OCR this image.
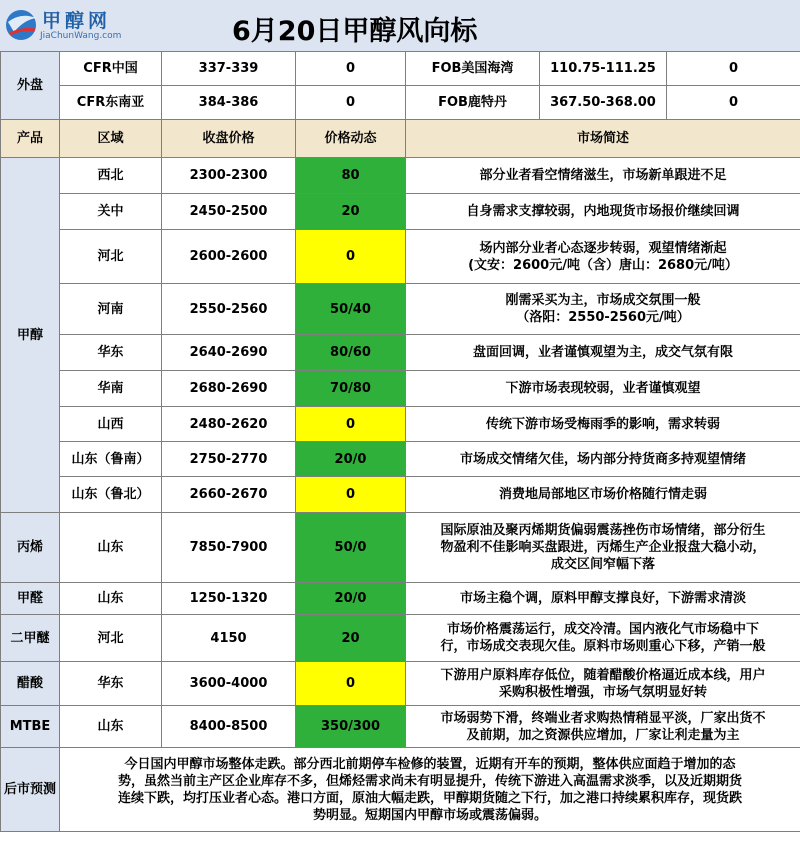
甲醇网
JiaChunWang.com	6月20日甲醇风向标
外盘	CFR中国	337-339	0	FOB美国海湾	110.75-111.25	0
	CFR东南亚	384-386	0	FOB鹿特丹	367.50-368.00	0
产品	区域	收盘价格	价格动态	市场简述		
甲醇	西北	2300-2300	80	部分业者看空情绪滋生，市场新单跟进不足		
	关中	2450-2500	20	自身需求支撑较弱，内地现货市场报价继续回调		
	河北	2600-2600	0	场内部分业者心态逐步转弱，观望情绪渐起
(文安：2600元/吨（含）唐山：2680元/吨）		
	河南	2550-2560	50/40	刚需采买为主，市场成交氛围一般
（洛阳：2550-2560元/吨）		
	华东	2640-2690	80/60	盘面回调，业者谨慎观望为主，成交气氛有限		
	华南	2680-2690	70/80	下游市场表现较弱，业者谨慎观望		
	山西	2480-2620	0	传统下游市场受梅雨季的影响，需求转弱		
	山东（鲁南）	2750-2770	20/0	市场成交情绪欠佳，场内部分持货商多持观望情绪		
	山东（鲁北）	2660-2670	0	消费地局部地区市场价格随行情走弱		
丙烯	山东	7850-7900	50/0	国际原油及聚丙烯期货偏弱震荡挫伤市场情绪，部分衍生
物盈利不佳影响买盘跟进，丙烯生产企业报盘大稳小动，
成交区间窄幅下落		
甲醛	山东	1250-1320	20/0	市场主稳个调，原料甲醇支撑良好，下游需求清淡		
二甲醚	河北	4150	20	市场价格震荡运行，成交冷清。国内液化气市场稳中下
行，市场成交表现欠佳。原料市场则重心下移，产销一般		
醋酸	华东	3600-4000	0	下游用户原料库存低位，随着醋酸价格逼近成本线，用户
采购积极性增强，市场气氛明显好转		
MTBE	山东	8400-8500	350/300	市场弱势下滑，终端业者求购热情稍显平淡，厂家出货不
及前期，加之资源供应增加，厂家让利走量为主		
后市预测	今日国内甲醇市场整体走跌。部分西北前期停车检修的装置，近期有开车的预期，整体供应面趋于增加的态
势，虽然当前主产区企业库存不多，但烯烃需求尚未有明显提升，传统下游进入高温需求淡季，以及近期期货
连续下跌，均打压业者心态。港口方面，原油大幅走跌，甲醇期货随之下行，加之港口持续累积库存，现货跌
势明显。短期国内甲醇市场或震荡偏弱。					
